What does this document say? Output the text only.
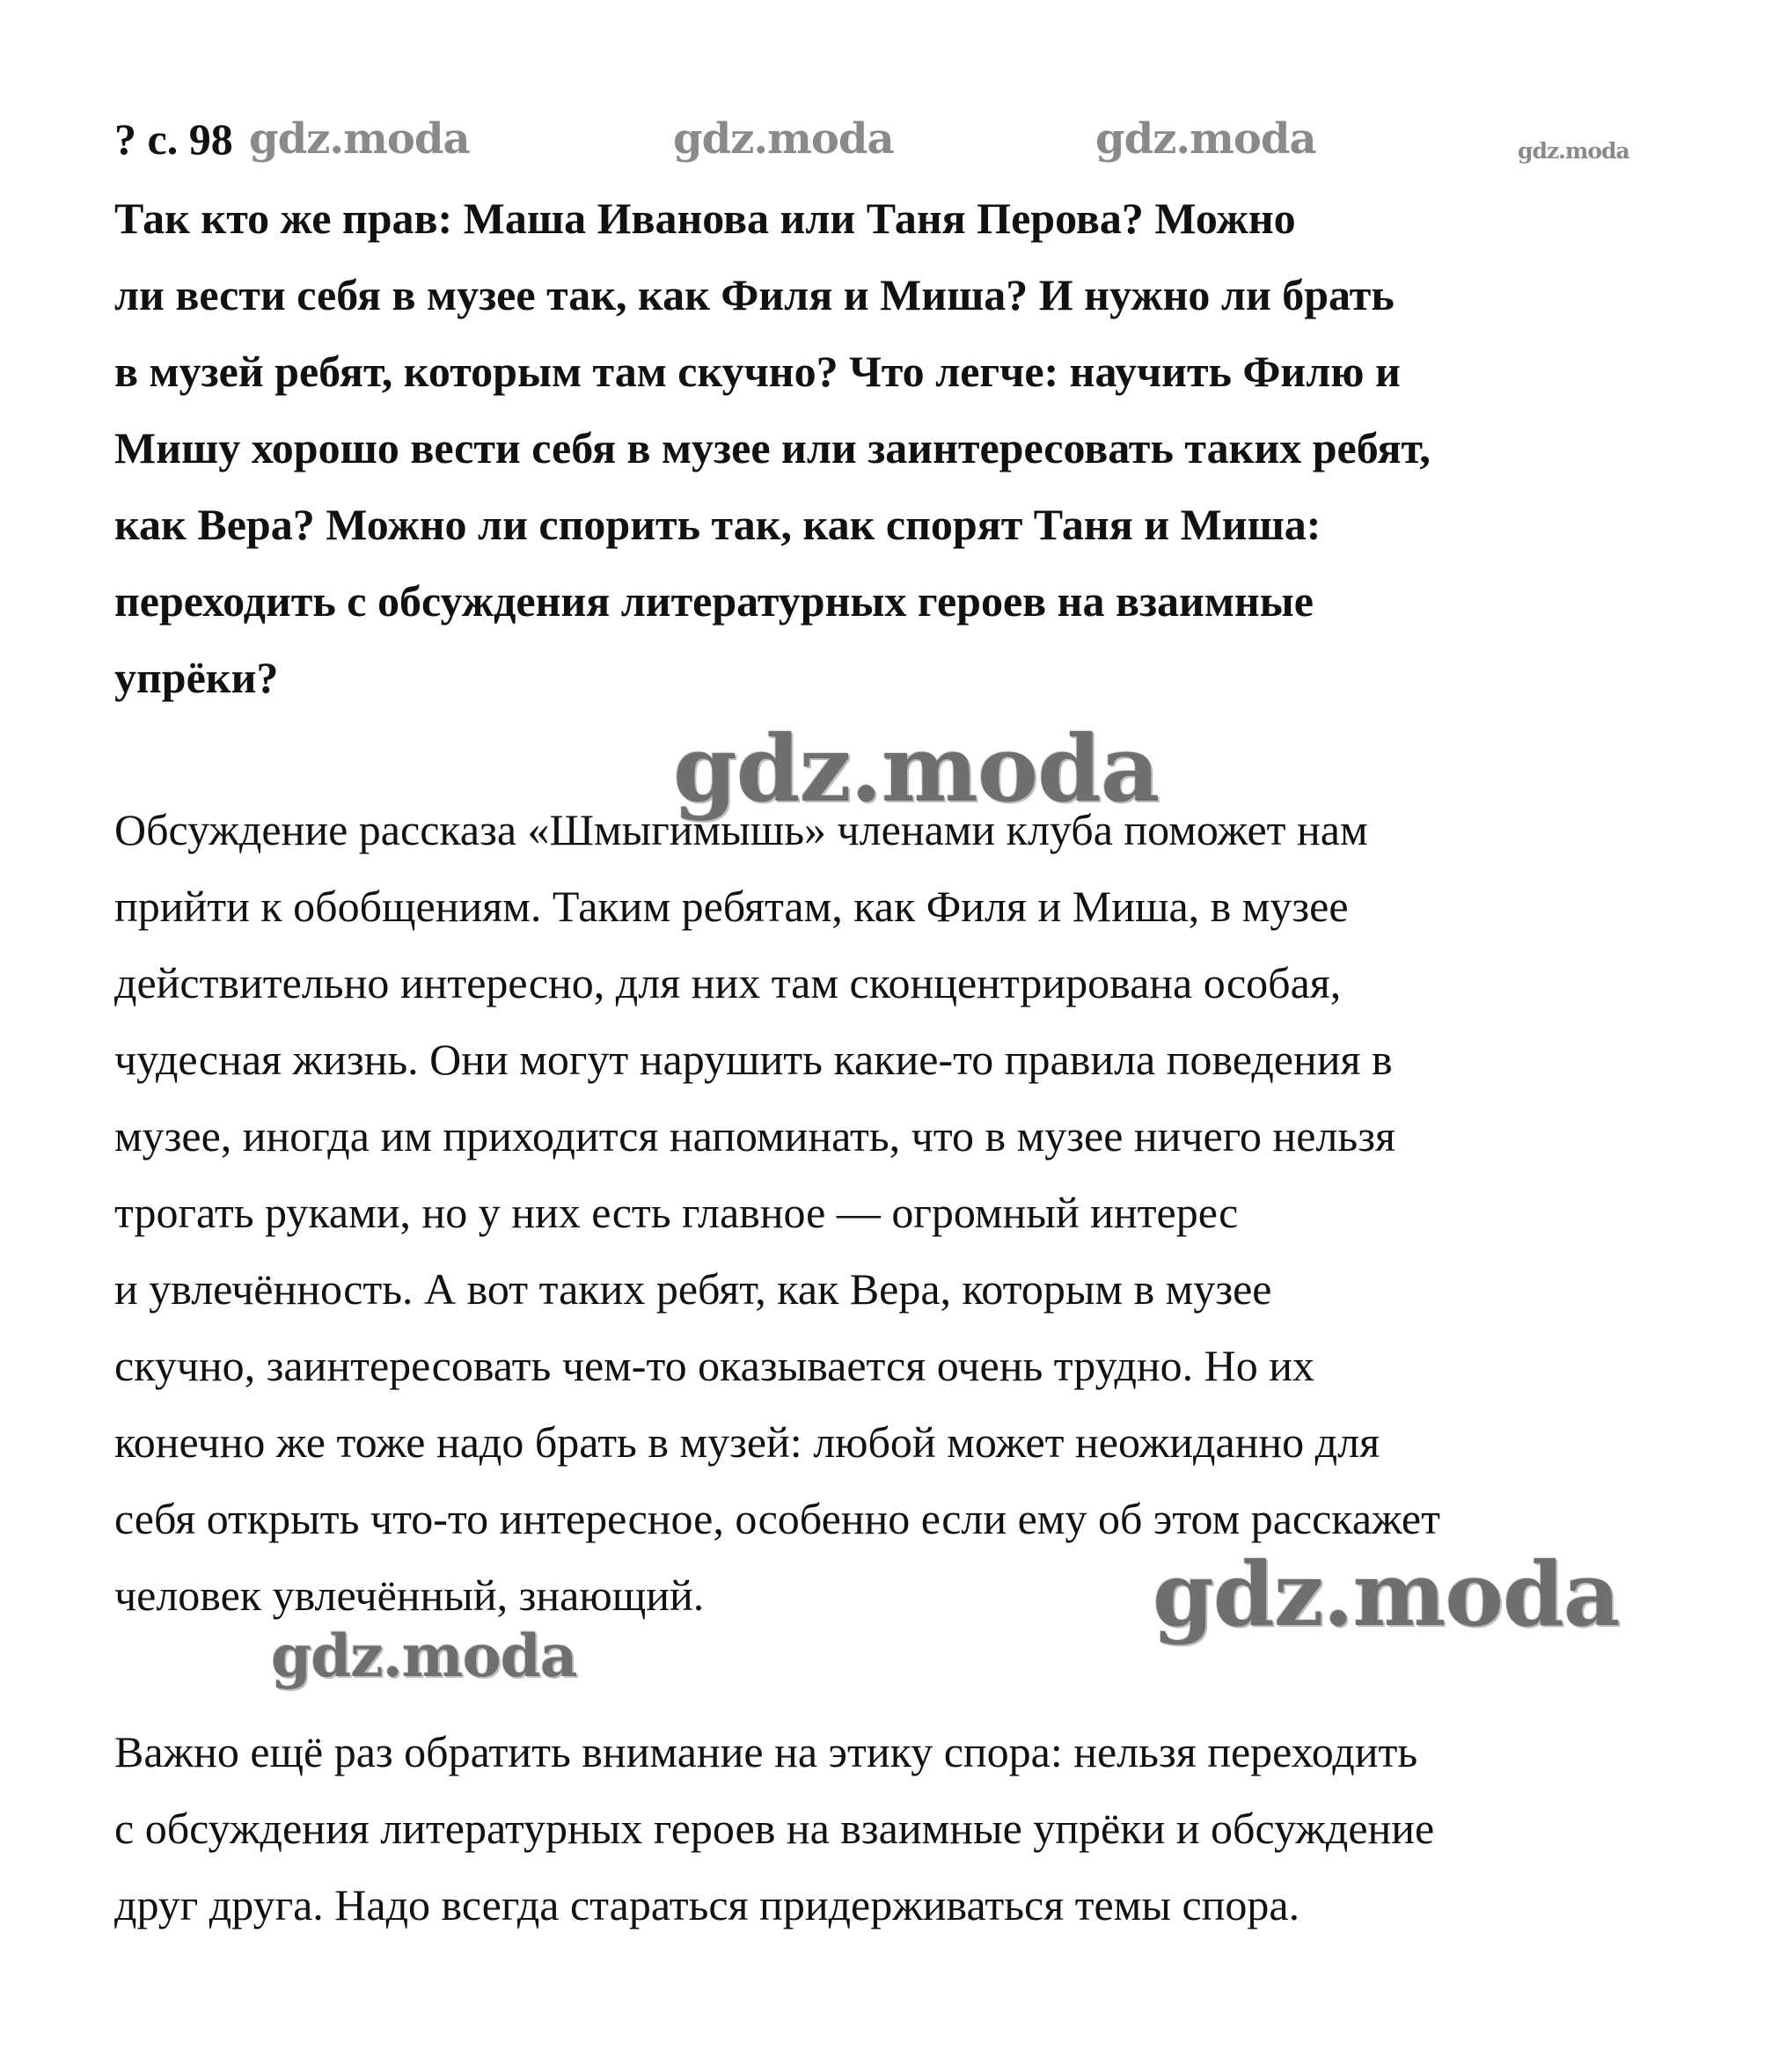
? с. 98 gdz.moda	gdz.moda	gdz.moda	gdz.moda
Так кто же прав: Маша Иванова или Таня Перова? Можно
ли вести себя в музее так, как Филя и Миша? И нужно ли брать
в музей ребят, которым там скучно? Что легче: научить Филю и
Мишу хорошо вести себя в музее или заинтересовать таких ребят,
как Вера? Можно ли спорить так, как спорят Таня и Миша:
переходить с обсуждения литературных героев на взаимные
упрёки?
gdz.moda
Обсуждение рассказа «Шмыгимышь» членами клуба поможет нам
прийти к обобщениям. Таким ребятам, как Филя и Миша, в музее
действительно интересно, для них там сконцентрирована особая,
чудесная жизнь. Они могут нарушить какие-то правила поведения в
музее, иногда им приходится напоминать, что в музее ничего нельзя
трогать руками, но у них есть главное — огромный интерес
и увлечённость. А вот таких ребят, как Вера, которым в музее
скучно, заинтересовать чем-то оказывается очень трудно. Но их
конечно же тоже надо брать в музей: любой может неожиданно для
себя открыть что-то интересное, особенно если ему об этом расскажет
человек увлечённый, знающий.	gdz.moda
gdz.moda
Важно ещё раз обратить внимание на этику спора: нельзя переходить
с обсуждения литературных героев на взаимные упрёки и обсуждение
друг друга. Надо всегда стараться придерживаться темы спора.
